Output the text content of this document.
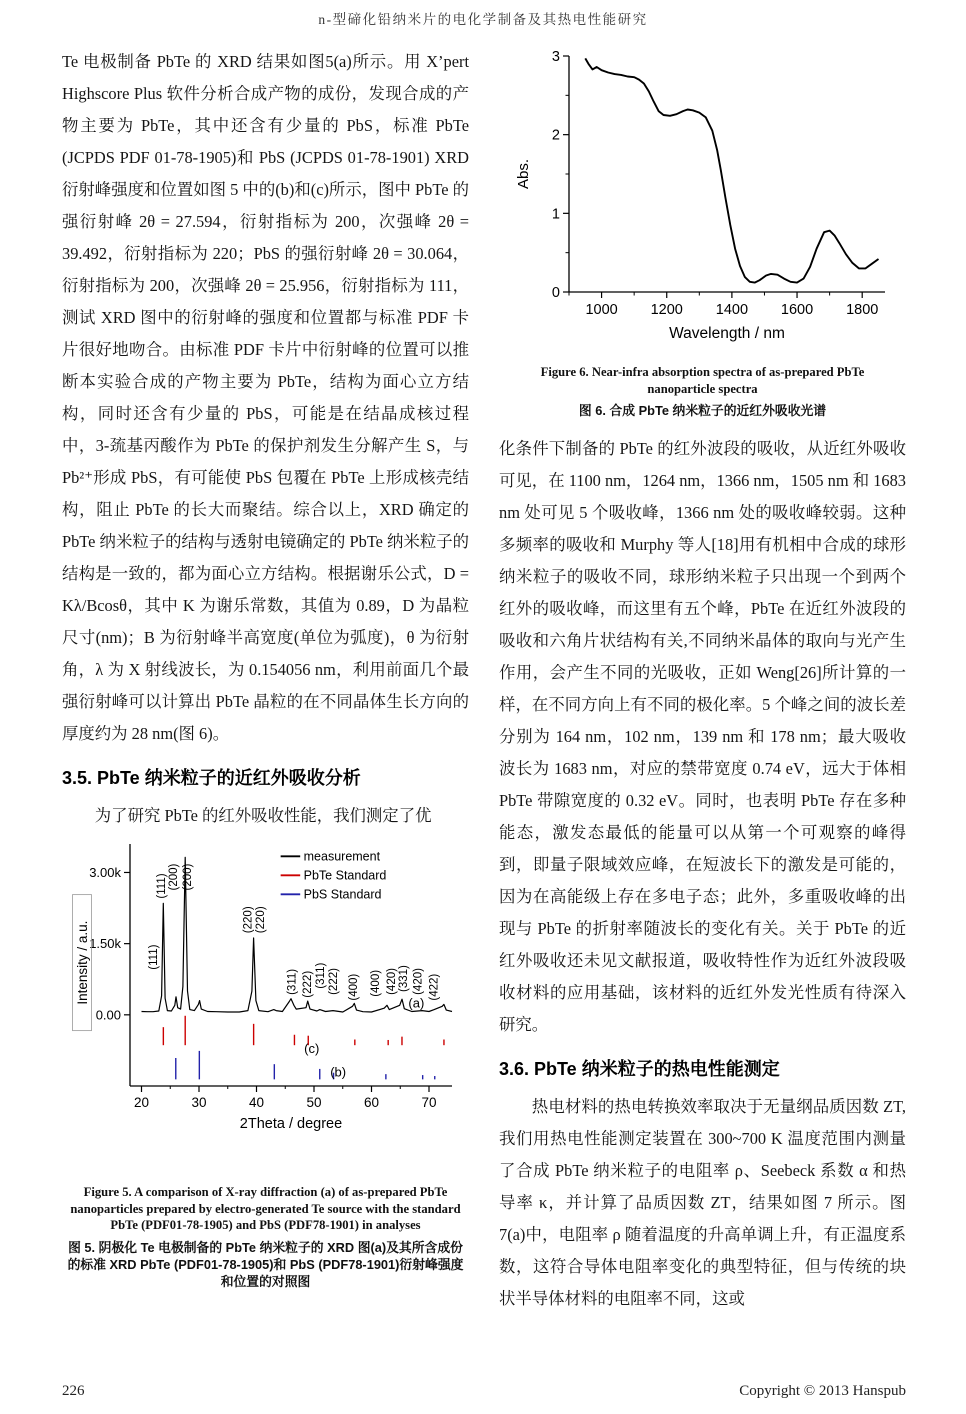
n-型碲化铅纳米片的电化学制备及其热电性能研究

Te 电极制备 PbTe 的 XRD 结果如图5(a)所示。用 X’pert Highscore Plus 软件分析合成产物的成份，发现合成的产物主要为 PbTe，其中还含有少量的 PbS，标准 PbTe (JCPDS PDF 01-78-1905)和 PbS (JCPDS 01-78-1901) XRD 衍射峰强度和位置如图 5 中的(b)和(c)所示，图中 PbTe 的强衍射峰 2θ = 27.594，衍射指标为 200，次强峰 2θ = 39.492，衍射指标为 220；PbS 的强衍射峰 2θ = 30.064，衍射指标为 200，次强峰 2θ = 25.956，衍射指标为 111，测试 XRD 图中的衍射峰的强度和位置都与标准 PDF 卡片很好地吻合。由标准 PDF 卡片中衍射峰的位置可以推断本实验合成的产物主要为 PbTe，结构为面心立方结构，同时还含有少量的 PbS，可能是在结晶成核过程中，3-巯基丙酸作为 PbTe 的保护剂发生分解产生 S，与 Pb²⁺形成 PbS，有可能使 PbS 包覆在 PbTe 上形成核壳结构，阻止 PbTe 的长大而聚结。综合以上，XRD 确定的 PbTe 纳米粒子的结构与透射电镜确定的 PbTe 纳米粒子的结构是一致的，都为面心立方结构。根据谢乐公式，D = Kλ/Bcosθ，其中 K 为谢乐常数，其值为 0.89，D 为晶粒尺寸(nm)；B 为衍射峰半高宽度(单位为弧度)，θ 为衍射角，λ 为 X 射线波长，为 0.154056 nm，利用前面几个最强衍射峰可以计算出 PbTe 晶粒的在不同晶体生长方向的厚度约为 28 nm(图 6)。

3.5. PbTe 纳米粒子的近红外吸收分析

为了研究 PbTe 的红外吸收性能，我们测定了优

20	30	40	50	60	70
0.00
1.50k
3.00k
2Theta / degree
Intensity / a.u.	(111)
(111) (200) (200)
(220) (220)
(311) (222) (311) (222) (400) (400) (420) (331) (420) (422)
measurement
PbTe Standard
PbS Standard
(a)
(c)
(b)
Figure 5. A comparison of X-ray diffraction (a) of as-prepared PbTe nanoparticles prepared by electro-generated Te source with the standard PbTe (PDF01-78-1905) and PbS (PDF78-1901) in analyses
图 5. 阴极化 Te 电极制备的 PbTe 纳米粒子的 XRD 图(a)及其所含成份的标准 XRD PbTe (PDF01-78-1905)和 PbS (PDF78-1901)衍射峰强度和位置的对照图
1000 1200 1400 1600 1800
0
1
2
3
Abs.
Wavelength / nm
Figure 6. Near-infra absorption spectra of as-prepared PbTe nanoparticle spectra
图 6. 合成 PbTe 纳米粒子的近红外吸收光谱

化条件下制备的 PbTe 的红外波段的吸收，从近红外吸收可见，在 1100 nm，1264 nm，1366 nm，1505 nm 和 1683 nm 处可见 5 个吸收峰，1366 nm 处的吸收峰较弱。这种多频率的吸收和 Murphy 等人[18]用有机相中合成的球形纳米粒子的吸收不同，球形纳米粒子只出现一个到两个红外的吸收峰，而这里有五个峰，PbTe 在近红外波段的吸收和六角片状结构有关,不同纳米晶体的取向与光产生作用，会产生不同的光吸收，正如 Weng[26]所计算的一样，在不同方向上有不同的极化率。5 个峰之间的波长差分别为 164 nm，102 nm，139 nm 和 178 nm；最大吸收波长为 1683 nm，对应的禁带宽度 0.74 eV，远大于体相 PbTe 带隙宽度的 0.32 eV。同时，也表明 PbTe 存在多种能态，激发态最低的能量可以从第一个可观察的峰得到，即量子限域效应峰，在短波长下的激发是可能的，因为在高能级上存在多电子态；此外，多重吸收峰的出现与 PbTe 的折射率随波长的变化有关。关于 PbTe 的近红外吸收还未见文献报道，吸收特性作为近红外波段吸收材料的应用基础，该材料的近红外发光性质有待深入研究。

3.6. PbTe 纳米粒子的热电性能测定

热电材料的热电转换效率取决于无量纲品质因数 ZT,我们用热电性能测定装置在 300~700 K 温度范围内测量了合成 PbTe 纳米粒子的电阻率 ρ、Seebeck 系数 α 和热导率 κ，并计算了品质因数 ZT，结果如图 7 所示。图 7(a)中，电阻率 ρ 随着温度的升高单调上升，有正温度系数，这符合导体电阻率变化的典型特征，但与传统的块状半导体材料的电阻率不同，这或

226	Copyright © 2013 Hanspub
